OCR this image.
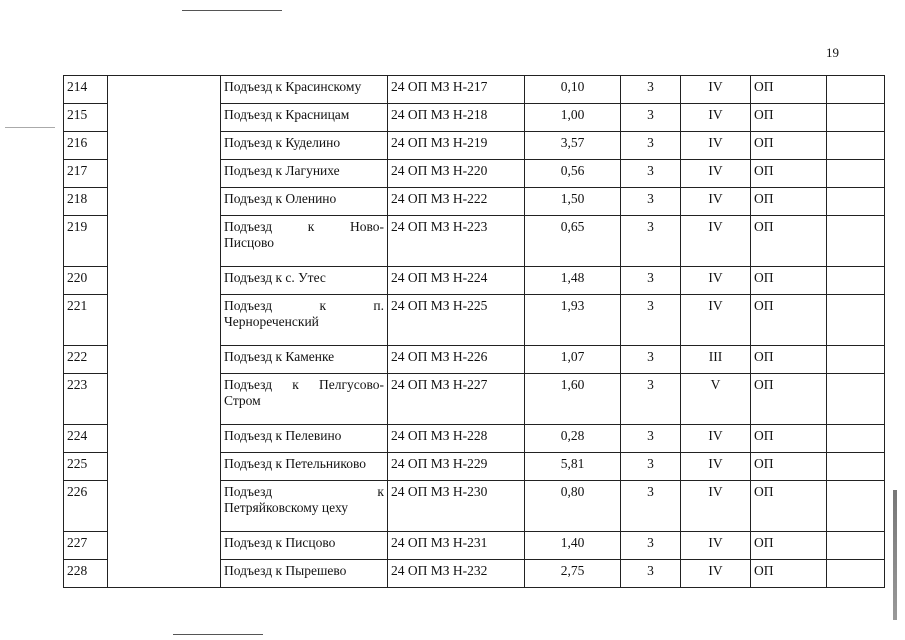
19
214		Подъезд к Красинскому	24 ОП МЗ Н-217	0,10	3	IV	ОП	
215		Подъезд к Красницам	24 ОП МЗ Н-218	1,00	3	IV	ОП	
216		Подъезд к Куделино	24 ОП МЗ Н-219	3,57	3	IV	ОП	
217		Подъезд к Лагунихе	24 ОП МЗ Н-220	0,56	3	IV	ОП	
218		Подъезд к Оленино	24 ОП МЗ Н-222	1,50	3	IV	ОП	
219		Подъезд к Ново-
Писцово	24 ОП МЗ Н-223	0,65	3	IV	ОП	
220		Подъезд к с. Утес	24 ОП МЗ Н-224	1,48	3	IV	ОП	
221		Подъезд к п.
Чернореченский	24 ОП МЗ Н-225	1,93	3	IV	ОП	
222		Подъезд к Каменке	24 ОП МЗ Н-226	1,07	3	III	ОП	
223		Подъезд к Пелгусово-
Стром	24 ОП МЗ Н-227	1,60	3	V	ОП	
224		Подъезд к Пелевино	24 ОП МЗ Н-228	0,28	3	IV	ОП	
225		Подъезд к Петельниково	24 ОП МЗ Н-229	5,81	3	IV	ОП	
226		Подъезд к
Петряйковскому цеху	24 ОП МЗ Н-230	0,80	3	IV	ОП	
227		Подъезд к Писцово	24 ОП МЗ Н-231	1,40	3	IV	ОП	
228		Подъезд к Пырешево	24 ОП МЗ Н-232	2,75	3	IV	ОП	
